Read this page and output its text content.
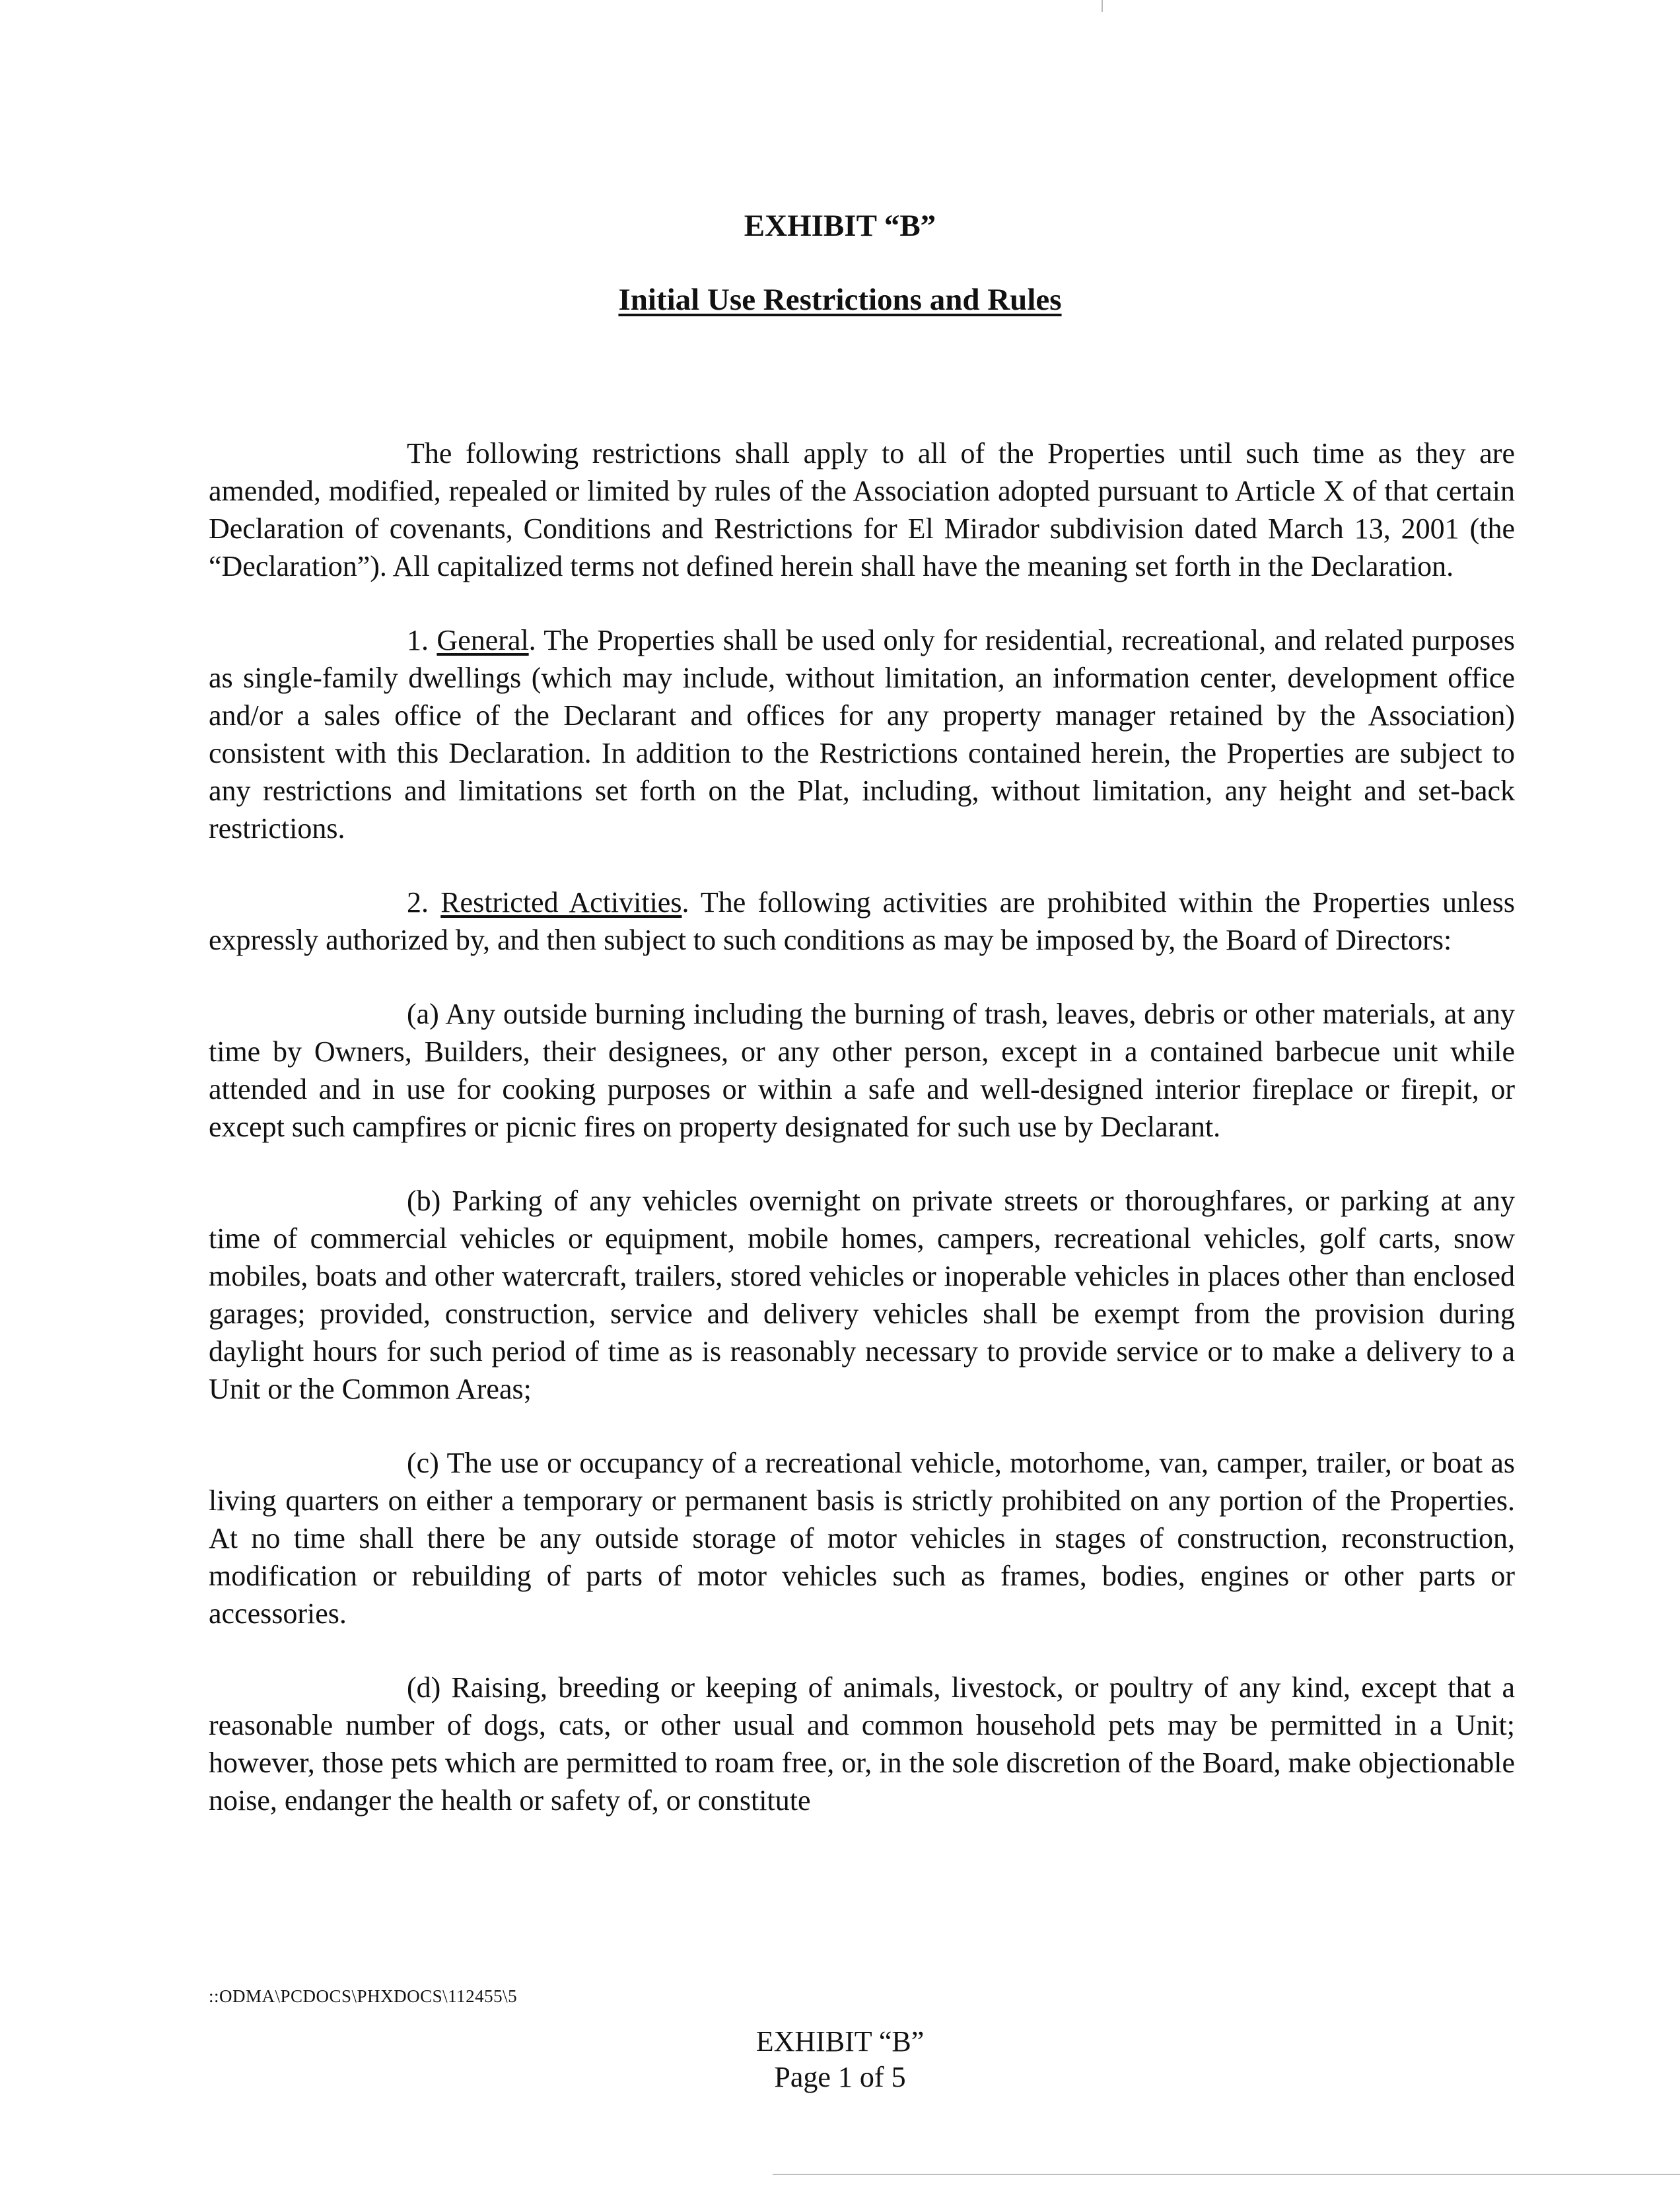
EXHIBIT “B”
Initial Use Restrictions and Rules

The following restrictions shall apply to all of the Properties until such time as they are amended, modified, repealed or limited by rules of the Association adopted pursuant to Article X of that certain Declaration of covenants, Conditions and Restrictions for El Mirador subdivision dated March 13, 2001 (the “Declaration”). All capitalized terms not defined herein shall have the meaning set forth in the Declaration.

1. General. The Properties shall be used only for residential, recreational, and related purposes as single-family dwellings (which may include, without limitation, an information center, development office and/or a sales office of the Declarant and offices for any property manager retained by the Association) consistent with this Declaration. In addition to the Restrictions contained herein, the Properties are subject to any restrictions and limitations set forth on the Plat, including, without limitation, any height and set-back restrictions.

2. Restricted Activities. The following activities are prohibited within the Properties unless expressly authorized by, and then subject to such conditions as may be imposed by, the Board of Directors:

(a) Any outside burning including the burning of trash, leaves, debris or other materials, at any time by Owners, Builders, their designees, or any other person, except in a contained barbecue unit while attended and in use for cooking purposes or within a safe and well-designed interior fireplace or firepit, or except such campfires or picnic fires on property designated for such use by Declarant.

(b) Parking of any vehicles overnight on private streets or thoroughfares, or parking at any time of commercial vehicles or equipment, mobile homes, campers, recreational vehicles, golf carts, snow mobiles, boats and other watercraft, trailers, stored vehicles or inoperable vehicles in places other than enclosed garages; provided, construction, service and delivery vehicles shall be exempt from the provision during daylight hours for such period of time as is reasonably necessary to provide service or to make a delivery to a Unit or the Common Areas;

(c) The use or occupancy of a recreational vehicle, motorhome, van, camper, trailer, or boat as living quarters on either a temporary or permanent basis is strictly prohibited on any portion of the Properties. At no time shall there be any outside storage of motor vehicles in stages of construction, reconstruction, modification or rebuilding of parts of motor vehicles such as frames, bodies, engines or other parts or accessories.

(d) Raising, breeding or keeping of animals, livestock, or poultry of any kind, except that a reasonable number of dogs, cats, or other usual and common household pets may be permitted in a Unit; however, those pets which are permitted to roam free, or, in the sole discretion of the Board, make objectionable noise, endanger the health or safety of, or constitute

::ODMA\PCDOCS\PHXDOCS\112455\5
EXHIBIT “B”
Page 1 of 5
